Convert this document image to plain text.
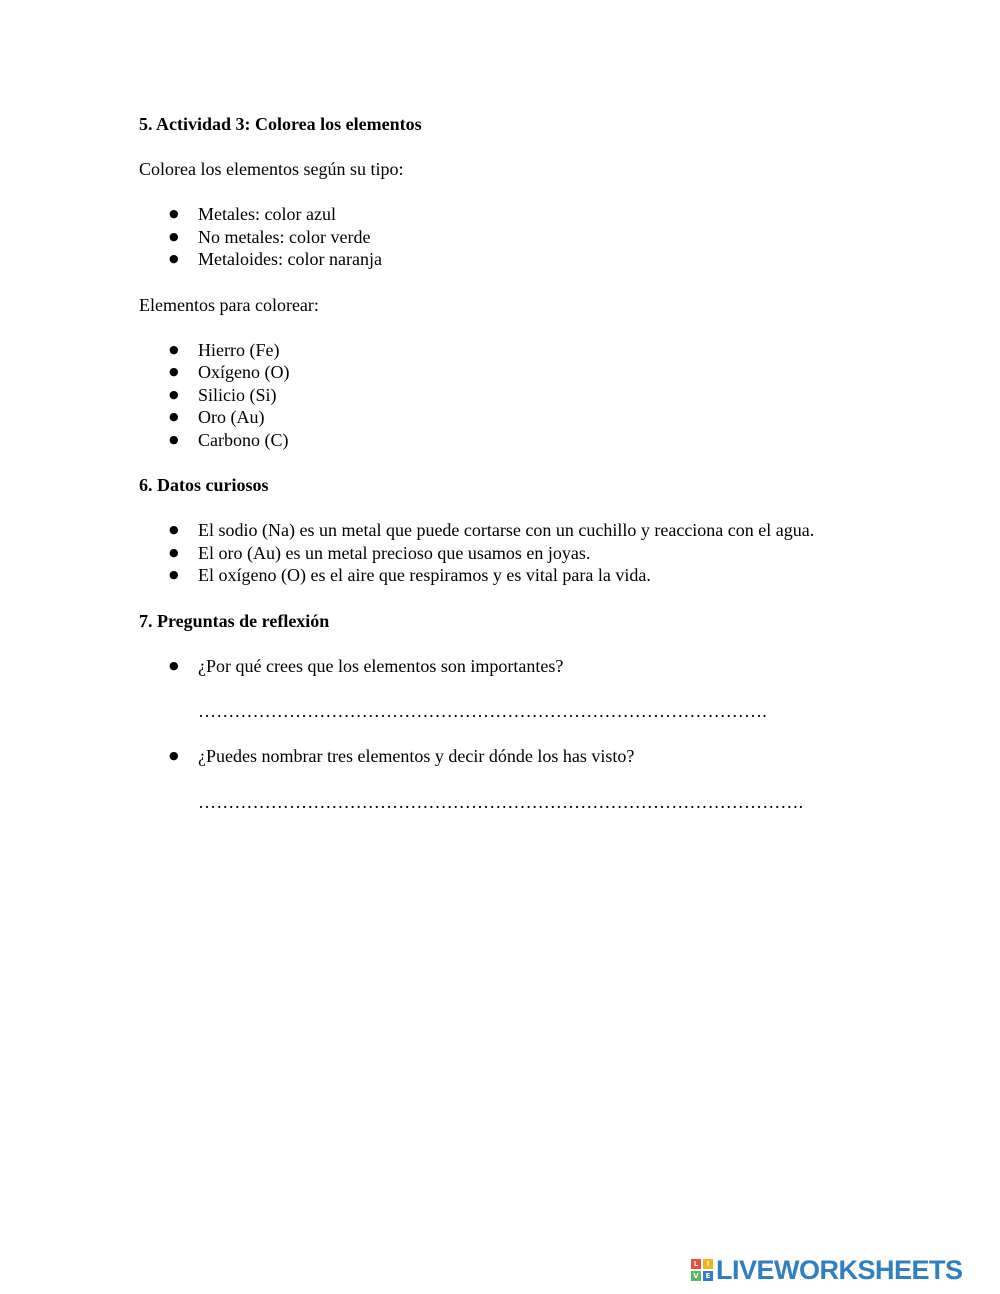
5. Actividad 3: Colorea los elementos
Colorea los elementos según su tipo:
● Metales: color azul
● No metales: color verde
● Metaloides: color naranja
Elementos para colorear:
● Hierro (Fe)
● Oxígeno (O)
● Silicio (Si)
● Oro (Au)
● Carbono (C)
6. Datos curiosos
● El sodio (Na) es un metal que puede cortarse con un cuchillo y reacciona con el agua.
● El oro (Au) es un metal precioso que usamos en joyas.
● El oxígeno (O) es el aire que respiramos y es vital para la vida.
7. Preguntas de reflexión
● ¿Por qué crees que los elementos son importantes?
………………………………………………………………………………….
● ¿Puedes nombrar tres elementos y decir dónde los has visto?
……………………………………………………………………………………….
L	I
V E LIVEWORKSHEETS
